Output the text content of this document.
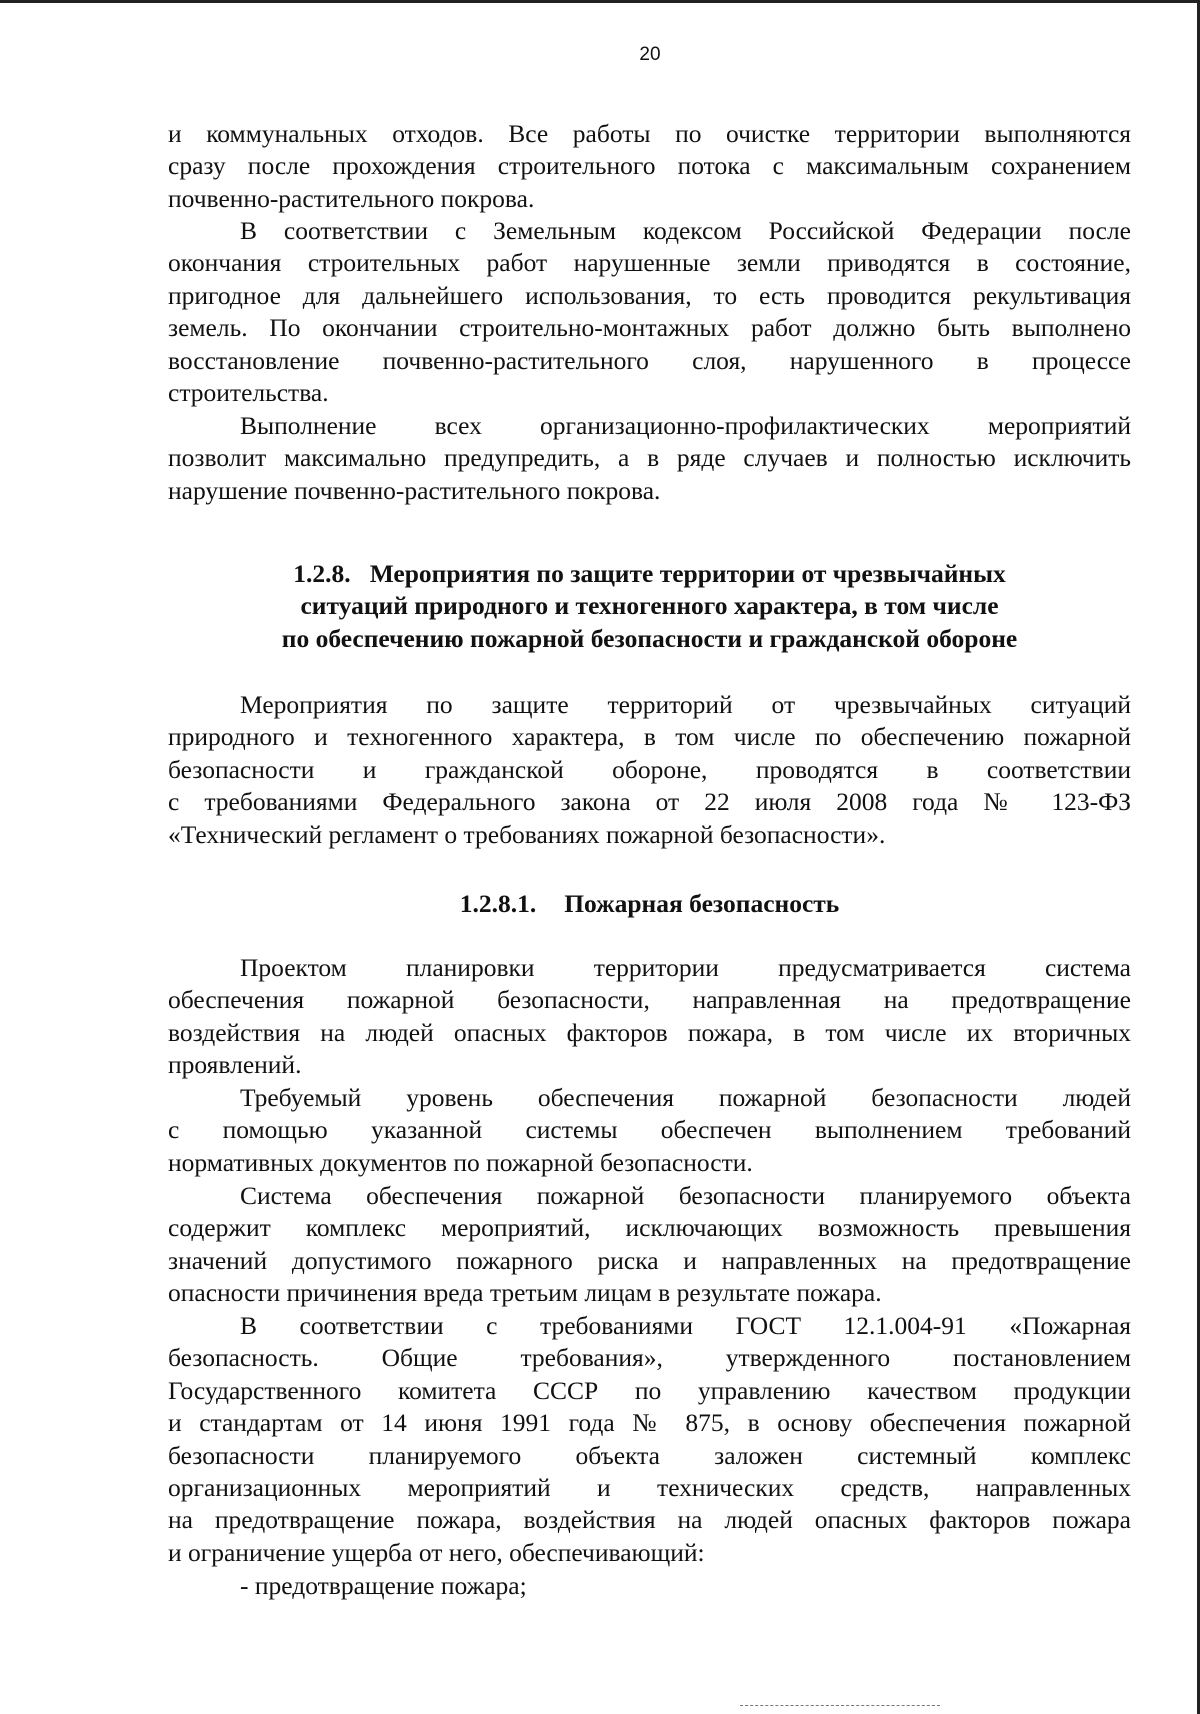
20
и коммунальных отходов. Все работы по очистке территории выполняются
сразу после прохождения строительного потока с максимальным сохранением
почвенно-растительного покрова.
В соответствии с Земельным кодексом Российской Федерации после
окончания строительных работ нарушенные земли приводятся в состояние,
пригодное для дальнейшего использования, то есть проводится рекультивация
земель. По окончании строительно-монтажных работ должно быть выполнено
восстановление почвенно-растительного слоя, нарушенного в процессе
строительства.
Выполнение всех организационно-профилактических мероприятий
позволит максимально предупредить, а в ряде случаев и полностью исключить
нарушение почвенно-растительного покрова.
1.2.8. Мероприятия по защите территории от чрезвычайных
ситуаций природного и техногенного характера, в том числе
по обеспечению пожарной безопасности и гражданской обороне
Мероприятия по защите территорий от чрезвычайных ситуаций
природного и техногенного характера, в том числе по обеспечению пожарной
безопасности и гражданской обороне, проводятся в соответствии
с требованиями Федерального закона от 22 июля 2008 года № 123-ФЗ
«Технический регламент о требованиях пожарной безопасности».
1.2.8.1. Пожарная безопасность
Проектом планировки территории предусматривается система
обеспечения пожарной безопасности, направленная на предотвращение
воздействия на людей опасных факторов пожара, в том числе их вторичных
проявлений.
Требуемый уровень обеспечения пожарной безопасности людей
с помощью указанной системы обеспечен выполнением требований
нормативных документов по пожарной безопасности.
Система обеспечения пожарной безопасности планируемого объекта
содержит комплекс мероприятий, исключающих возможность превышения
значений допустимого пожарного риска и направленных на предотвращение
опасности причинения вреда третьим лицам в результате пожара.
В соответствии с требованиями ГОСТ 12.1.004-91 «Пожарная
безопасность. Общие требования», утвержденного постановлением
Государственного комитета СССР по управлению качеством продукции
и стандартам от 14 июня 1991 года № 875, в основу обеспечения пожарной
безопасности планируемого объекта заложен системный комплекс
организационных мероприятий и технических средств, направленных
на предотвращение пожара, воздействия на людей опасных факторов пожара
и ограничение ущерба от него, обеспечивающий:
- предотвращение пожара;
